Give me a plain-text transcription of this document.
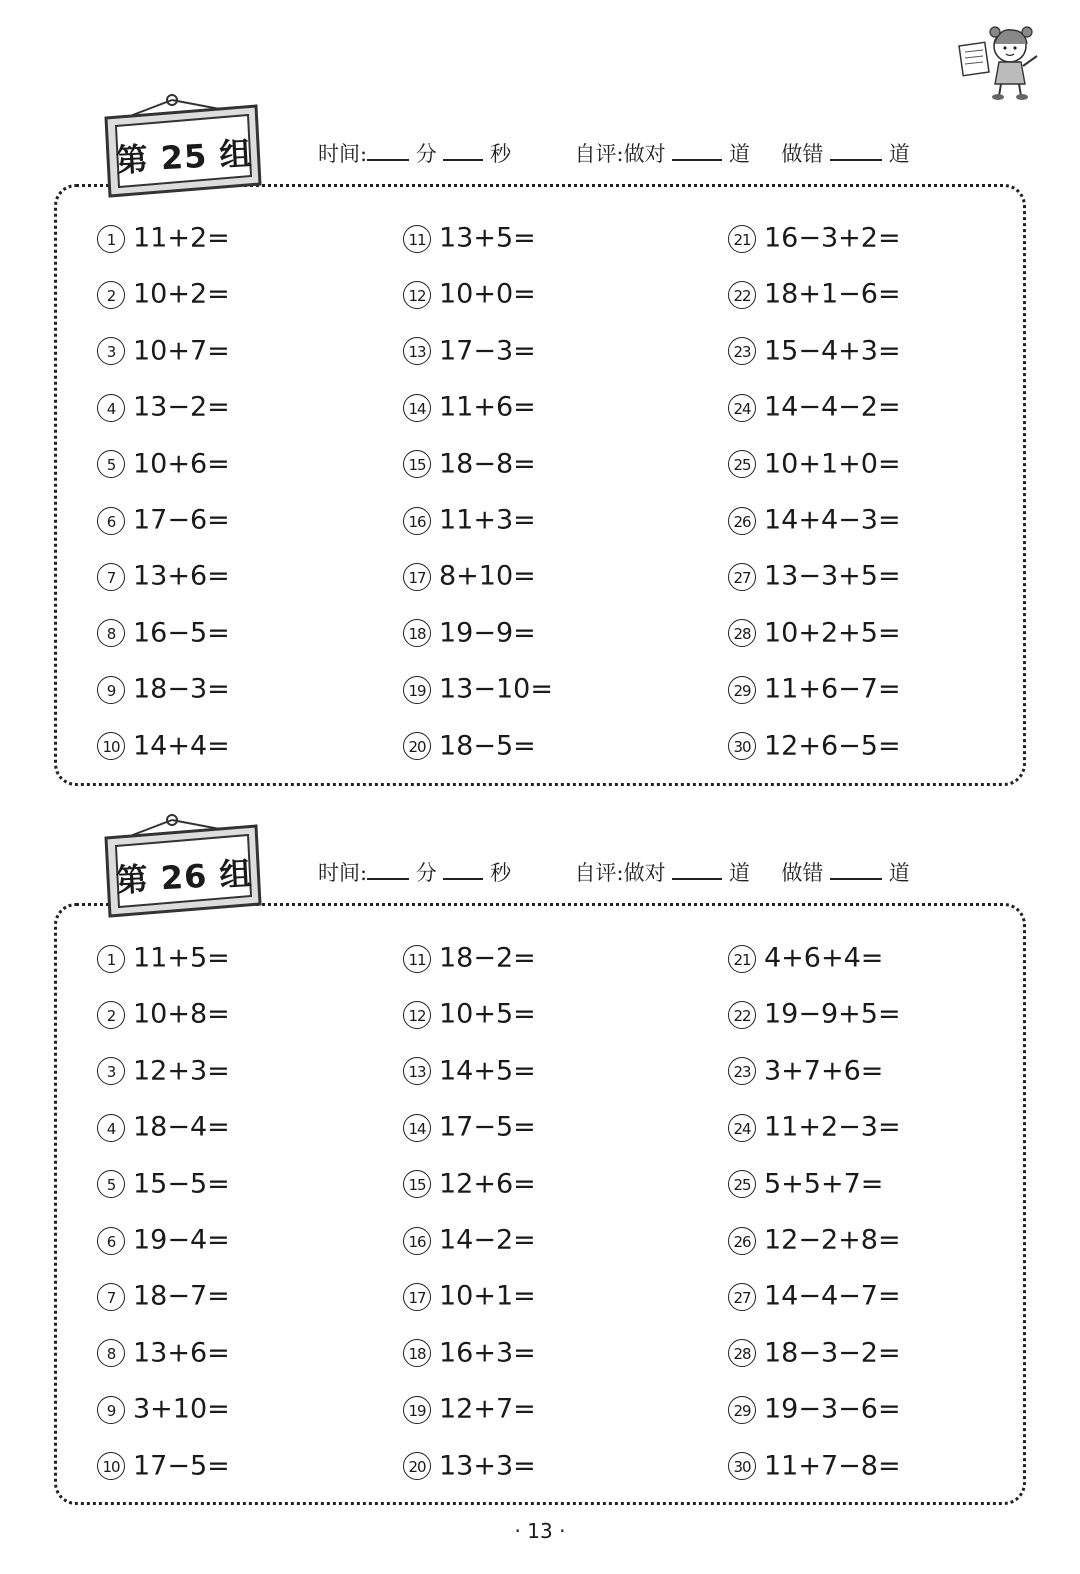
第 25 组	时间: 分	秒	自评:做对	道 做错	道
1 11+2=
2 10+2=
3 10+7=
4 13−2=
5 10+6=
6 17−6=
7 13+6=
8 16−5=
9 18−3=
10 14+4=
11 13+5=
12 10+0=
13 17−3=
14 11+6=
15 18−8=
16 11+3=
17 8+10=
18 19−9=
19 13−10=
20 18−5=
21 16−3+2=
22 18+1−6=
23 15−4+3=
24 14−4−2=
25 10+1+0=
26 14+4−3=
27 13−3+5=
28 10+2+5=
29 11+6−7=
30 12+6−5=
第 26 组	时间: 分	秒	自评:做对	道 做错	道
1 11+5=
2 10+8=
3 12+3=
4 18−4=
5 15−5=
6 19−4=
7 18−7=
8 13+6=
9 3+10=
10 17−5=
11 18−2=
12 10+5=
13 14+5=
14 17−5=
15 12+6=
16 14−2=
17 10+1=
18 16+3=
19 12+7=
20 13+3=
21 4+6+4=
22 19−9+5=
23 3+7+6=
24 11+2−3=
25 5+5+7=
26 12−2+8=
27 14−4−7=
28 18−3−2=
29 19−3−6=
30 11+7−8=
· 13 ·
